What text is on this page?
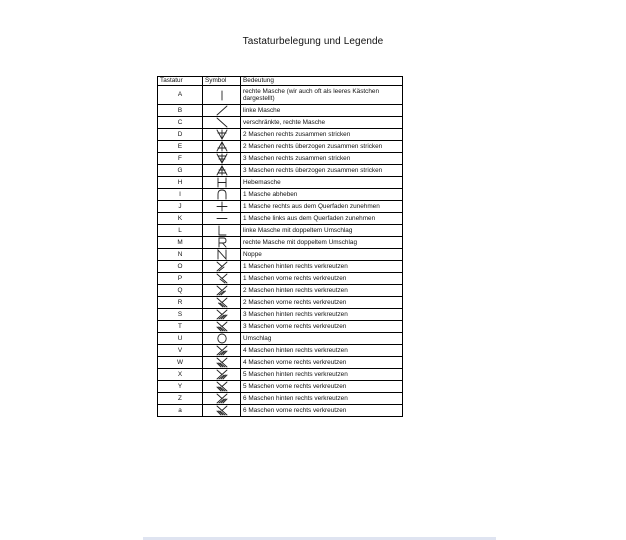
Tastaturbelegung und Legende
Tastatur	Symbol	Bedeutung
A		rechte Masche (wir auch oft als leeres Kästchen dargestellt)
B		linke Masche
C		verschränkte, rechte Masche
D		2 Maschen rechts zusammen stricken
E		2 Maschen rechts überzogen zusammen stricken
F		3 Maschen rechts zusammen stricken
G		3 Maschen rechts überzogen zusammen stricken
H		Hebemasche
I		1 Masche abheben
J		1 Masche rechts aus dem Querfaden zunehmen
K		1 Masche links aus dem Querfaden zunehmen
L		linke Masche mit doppeltem Umschlag
M		rechte Masche mit doppeltem Umschlag
N		Noppe
O		1 Maschen hinten rechts verkreutzen
P		1 Maschen vorne rechts verkreutzen
Q		2 Maschen hinten rechts verkreutzen
R		2 Maschen vorne rechts verkreutzen
S		3 Maschen hinten rechts verkreutzen
T		3 Maschen vorne rechts verkreutzen
U		Umschlag
V		4 Maschen hinten rechts verkreutzen
W		4 Maschen vorne rechts verkreutzen
X		5 Maschen hinten rechts verkreutzen
Y		5 Maschen vorne rechts verkreutzen
Z		6 Maschen hinten rechts verkreutzen
a		6 Maschen vorne rechts verkreutzen
